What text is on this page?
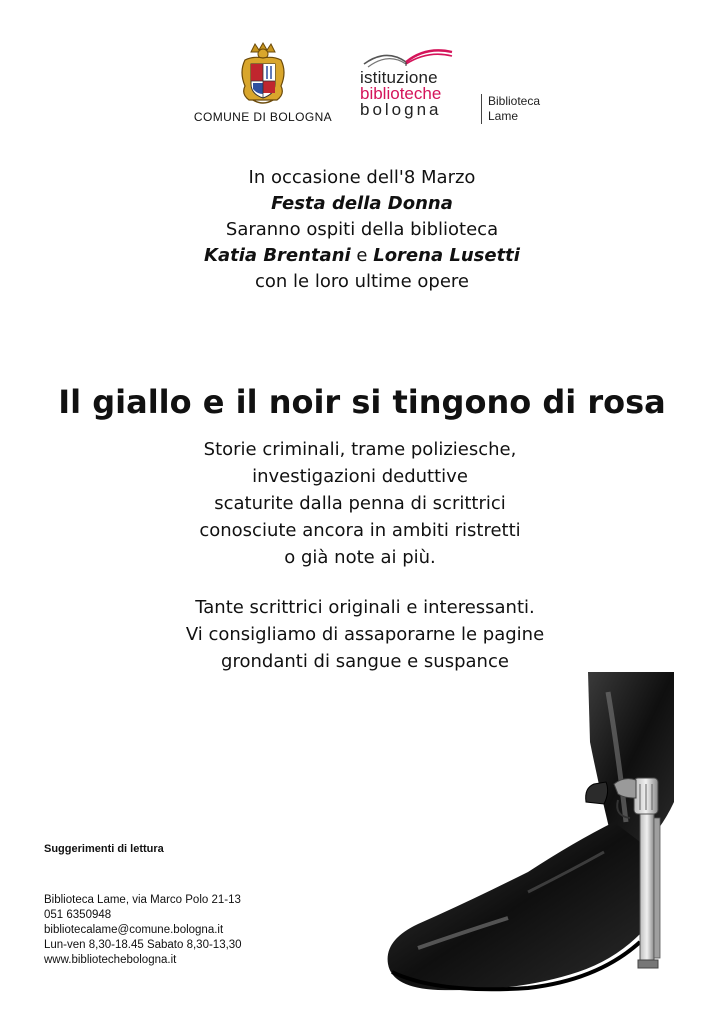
COMUNE DI BOLOGNA
istituzione
biblioteche
bologna	Biblioteca
Lame
In occasione dell'8 Marzo
Festa della Donna
Saranno ospiti della biblioteca
Katia Brentani e Lorena Lusetti
con le loro ultime opere
Il giallo e il noir si tingono di rosa
Storie criminali, trame poliziesche,
investigazioni deduttive
scaturite dalla penna di scrittrici
conosciute ancora in ambiti ristretti
o già note ai più.
Tante scrittrici originali e interessanti.
Vi consigliamo di assaporarne le pagine
grondanti di sangue e suspance
Suggerimenti di lettura
Biblioteca Lame, via Marco Polo 21-13
051 6350948
bibliotecalame@comune.bologna.it
Lun-ven 8,30-18.45 Sabato 8,30-13,30
www.bibliotechebologna.it
